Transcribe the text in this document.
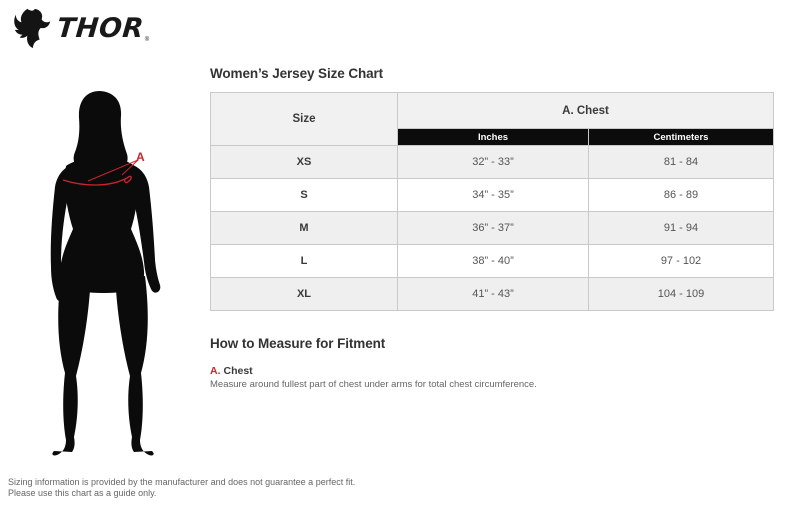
THOR ®
A
Women’s Jersey Size Chart
Size	A. Chest	
	Inches	Centimeters
XS	32” - 33”	81 - 84
S	34” - 35”	86 - 89
M	36” - 37”	91 - 94
L	38” - 40”	97 - 102
XL	41” - 43”	104 - 109
How to Measure for Fitment
A. Chest

Measure around fullest part of chest under arms for total chest circumference.

Sizing information is provided by the manufacturer and does not guarantee a perfect fit.
Please use this chart as a guide only.
